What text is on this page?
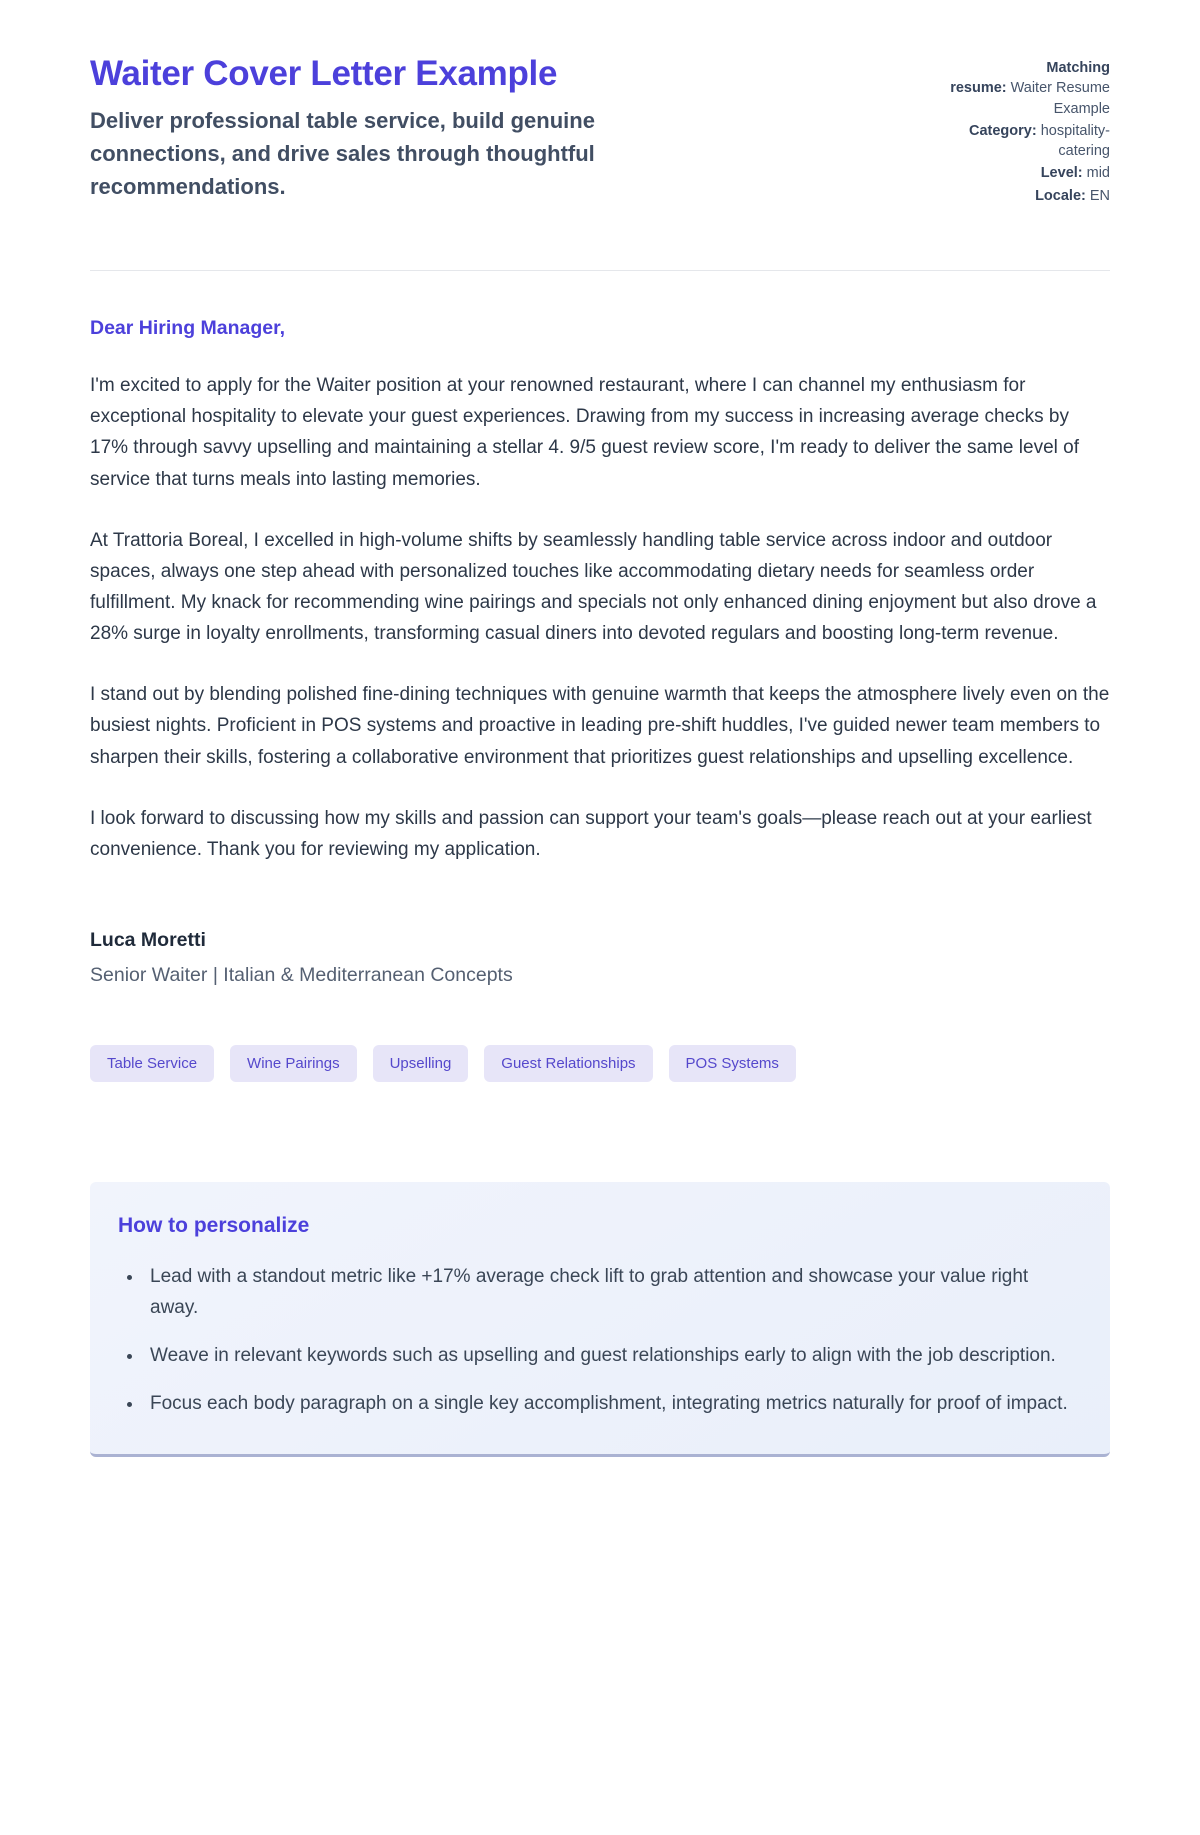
Waiter Cover Letter Example
Deliver professional table service, build genuine connections, and drive sales through thoughtful recommendations.
Matching resume: Waiter Resume Example
Category: hospitality-catering
Level: mid
Locale: EN

Dear Hiring Manager,

I'm excited to apply for the Waiter position at your renowned restaurant, where I can channel my enthusiasm for exceptional hospitality to elevate your guest experiences. Drawing from my success in increasing average checks by 17% through savvy upselling and maintaining a stellar 4. 9/5 guest review score, I'm ready to deliver the same level of service that turns meals into lasting memories.

At Trattoria Boreal, I excelled in high-volume shifts by seamlessly handling table service across indoor and outdoor spaces, always one step ahead with personalized touches like accommodating dietary needs for seamless order fulfillment. My knack for recommending wine pairings and specials not only enhanced dining enjoyment but also drove a 28% surge in loyalty enrollments, transforming casual diners into devoted regulars and boosting long-term revenue.

I stand out by blending polished fine-dining techniques with genuine warmth that keeps the atmosphere lively even on the busiest nights. Proficient in POS systems and proactive in leading pre-shift huddles, I've guided newer team members to sharpen their skills, fostering a collaborative environment that prioritizes guest relationships and upselling excellence.

I look forward to discussing how my skills and passion can support your team's goals—please reach out at your earliest convenience. Thank you for reviewing my application.

Luca Moretti

Senior Waiter | Italian & Mediterranean Concepts

Table Service	Wine Pairings	Upselling	Guest Relationships	POS Systems
How to personalize
• Lead with a standout metric like +17% average check lift to grab attention and showcase your value right away.
• Weave in relevant keywords such as upselling and guest relationships early to align with the job description.
• Focus each body paragraph on a single key accomplishment, integrating metrics naturally for proof of impact.
